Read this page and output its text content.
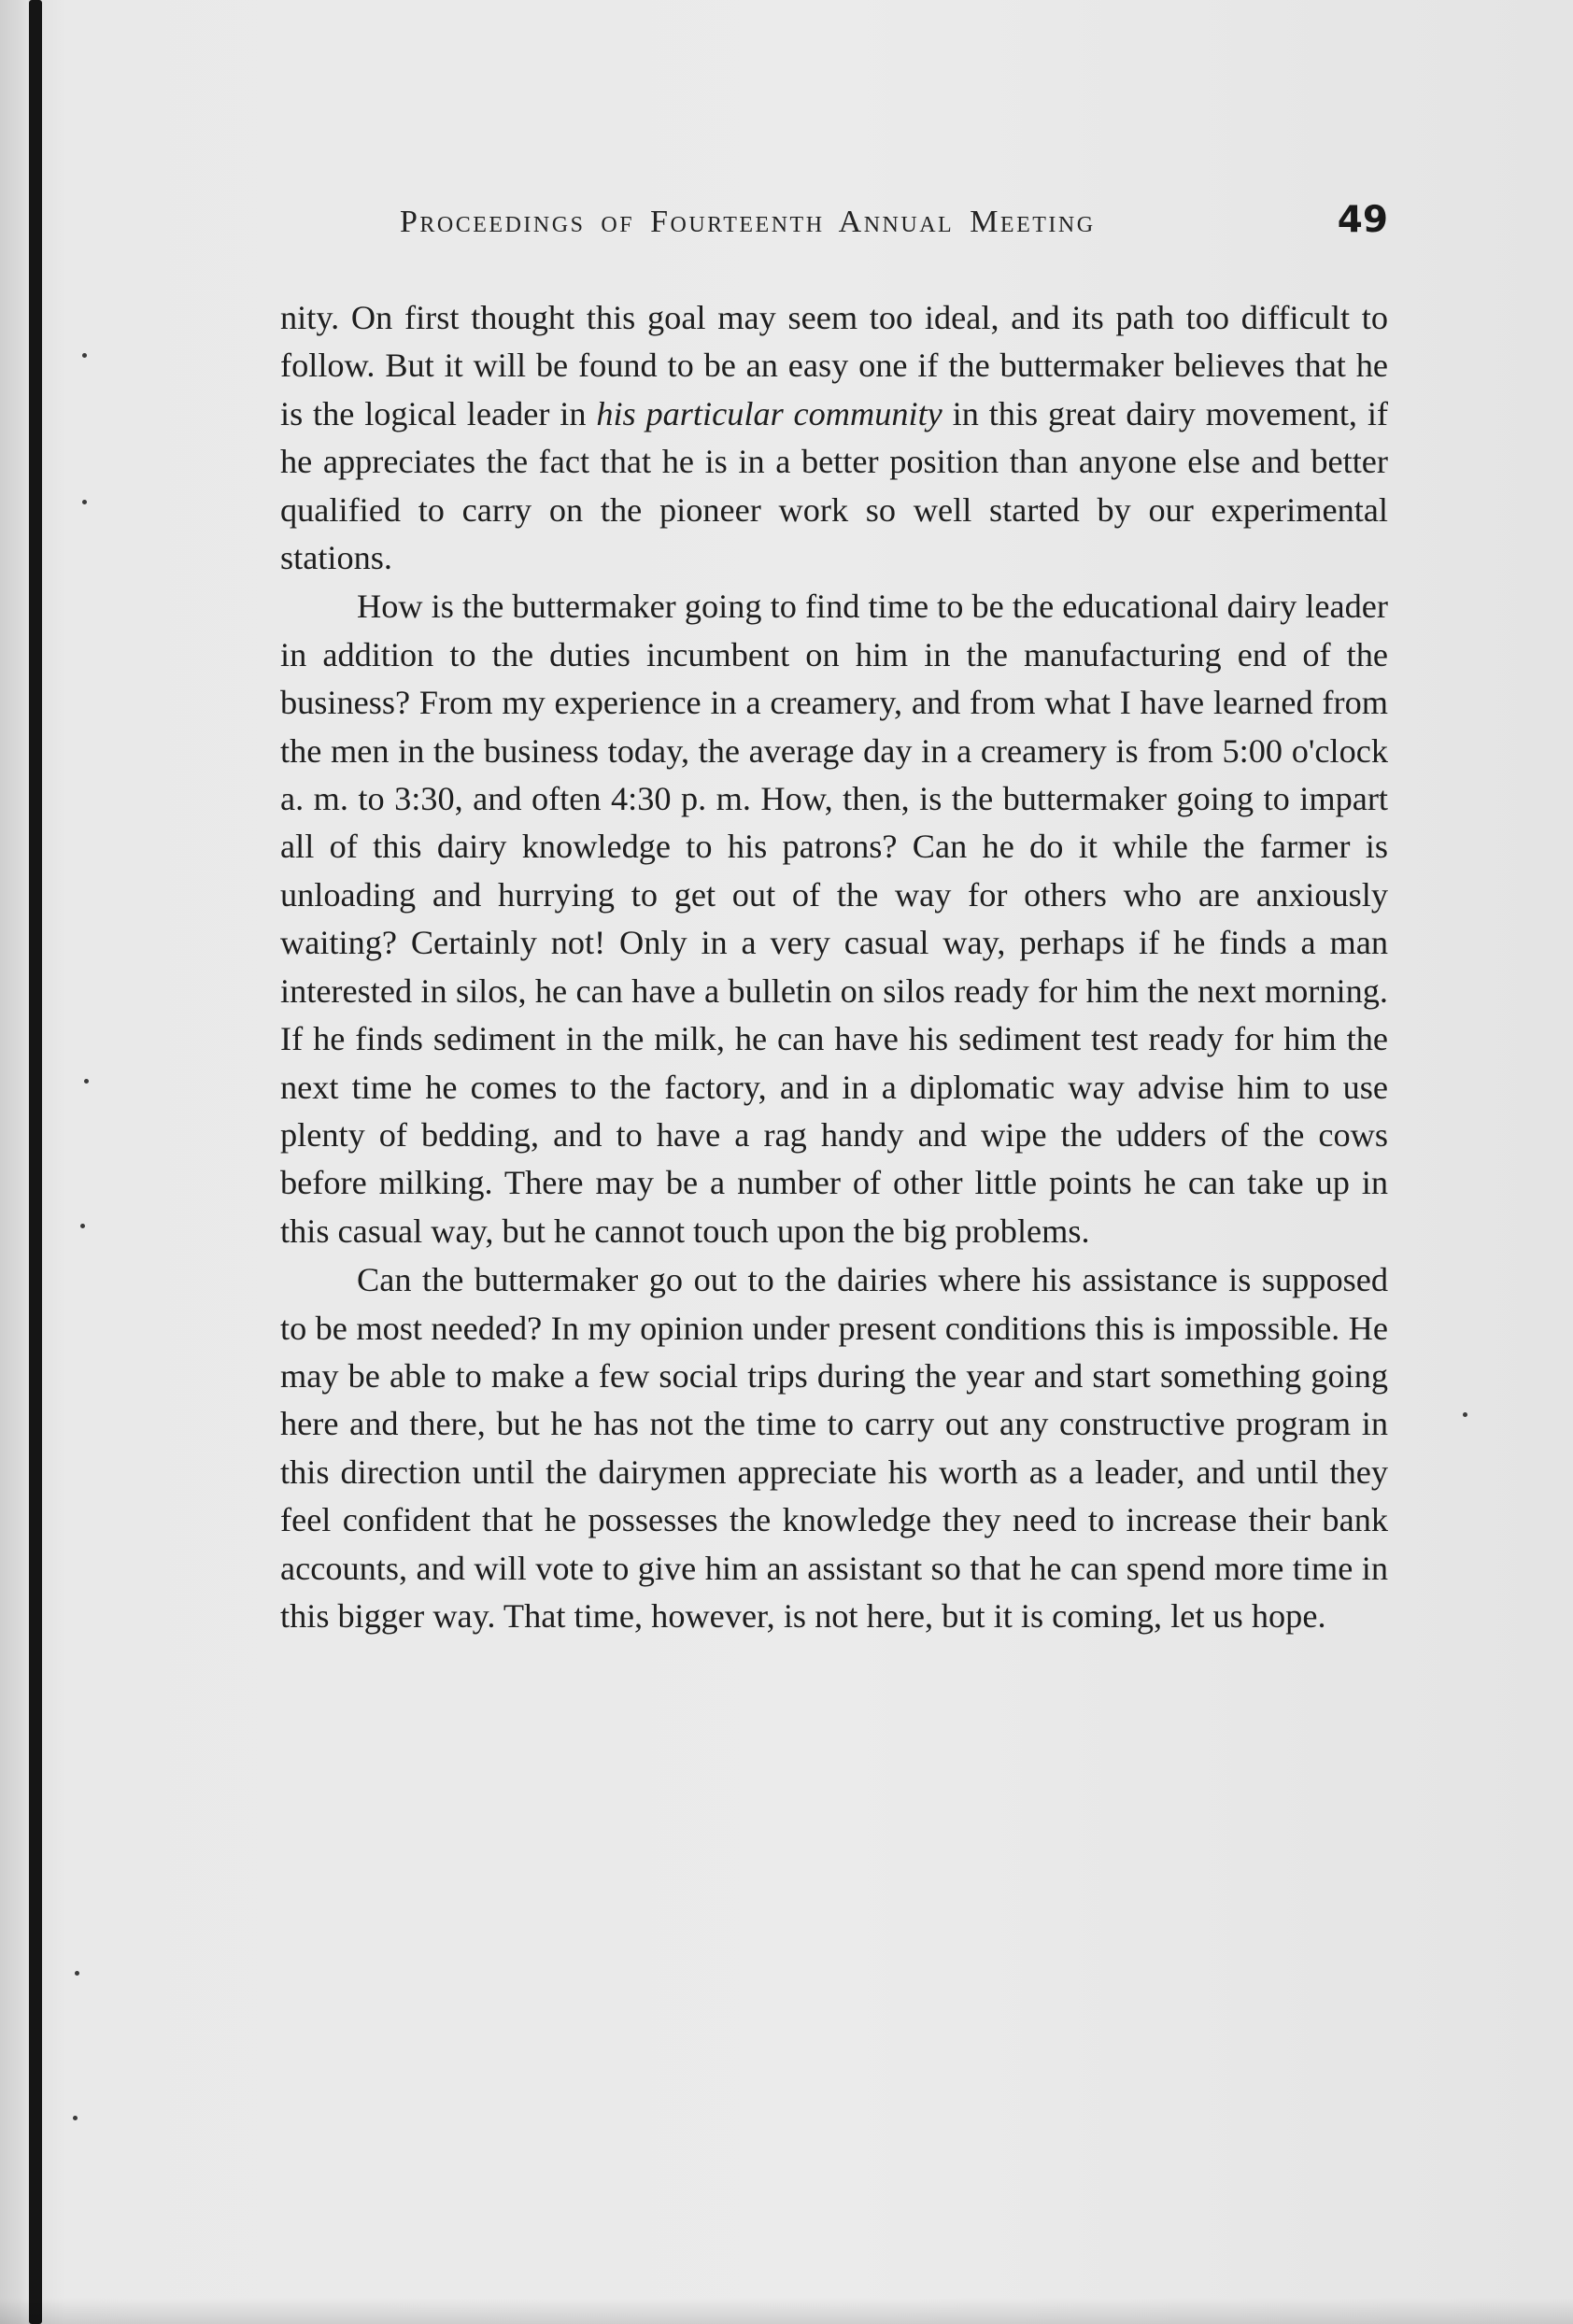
Proceedings of Fourteenth Annual Meeting	49

nity. On first thought this goal may seem too ideal, and its path too difficult to follow. But it will be found to be an easy one if the buttermaker believes that he is the logical leader in his particular community in this great dairy movement, if he appreciates the fact that he is in a better position than anyone else and better qualified to carry on the pioneer work so well started by our experimental stations.

How is the buttermaker going to find time to be the educational dairy leader in addition to the duties incumbent on him in the manufacturing end of the business? From my experience in a creamery, and from what I have learned from the men in the business today, the average day in a creamery is from 5:00 o'clock a. m. to 3:30, and often 4:30 p. m. How, then, is the buttermaker going to impart all of this dairy knowledge to his patrons? Can he do it while the farmer is unloading and hurrying to get out of the way for others who are anxiously waiting? Certainly not! Only in a very casual way, perhaps if he finds a man interested in silos, he can have a bulletin on silos ready for him the next morning. If he finds sediment in the milk, he can have his sediment test ready for him the next time he comes to the factory, and in a diplomatic way advise him to use plenty of bedding, and to have a rag handy and wipe the udders of the cows before milking. There may be a number of other little points he can take up in this casual way, but he cannot touch upon the big problems.

Can the buttermaker go out to the dairies where his assistance is supposed to be most needed? In my opinion under present conditions this is impossible. He may be able to make a few social trips during the year and start something going here and there, but he has not the time to carry out any constructive program in this direction until the dairymen appreciate his worth as a leader, and until they feel confident that he possesses the knowledge they need to increase their bank accounts, and will vote to give him an assistant so that he can spend more time in this bigger way. That time, however, is not here, but it is coming, let us hope.
